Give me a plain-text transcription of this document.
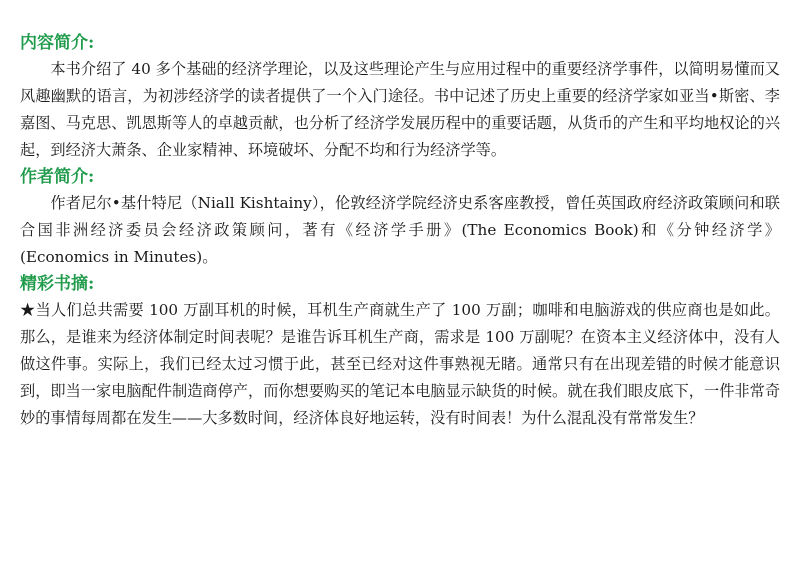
内容简介:

本书介绍了 40 多个基础的经济学理论，以及这些理论产生与应用过程中的重要经济学事件，以简明易懂而又风趣幽默的语言，为初涉经济学的读者提供了一个入门途径。书中记述了历史上重要的经济学家如亚当•斯密、李嘉图、马克思、凯恩斯等人的卓越贡献，也分析了经济学发展历程中的重要话题，从货币的产生和平均地权论的兴起，到经济大萧条、企业家精神、环境破坏、分配不均和行为经济学等。

作者简介:

作者尼尔•基什特尼（Niall Kishtainy），伦敦经济学院经济史系客座教授，曾任英国政府经济政策顾问和联合国非洲经济委员会经济政策顾问，著有《经济学手册》(The Economics Book)和《分钟经济学》(Economics in Minutes)。

精彩书摘:

★当人们总共需要 100 万副耳机的时候，耳机生产商就生产了 100 万副；咖啡和电脑游戏的供应商也是如此。那么，是谁来为经济体制定时间表呢？是谁告诉耳机生产商，需求是 100 万副呢？在资本主义经济体中，没有人做这件事。实际上，我们已经太过习惯于此，甚至已经对这件事熟视无睹。通常只有在出现差错的时候才能意识到，即当一家电脑配件制造商停产，而你想要购买的笔记本电脑显示缺货的时候。就在我们眼皮底下，一件非常奇妙的事情每周都在发生——大多数时间，经济体良好地运转，没有时间表！为什么混乱没有常常发生？
